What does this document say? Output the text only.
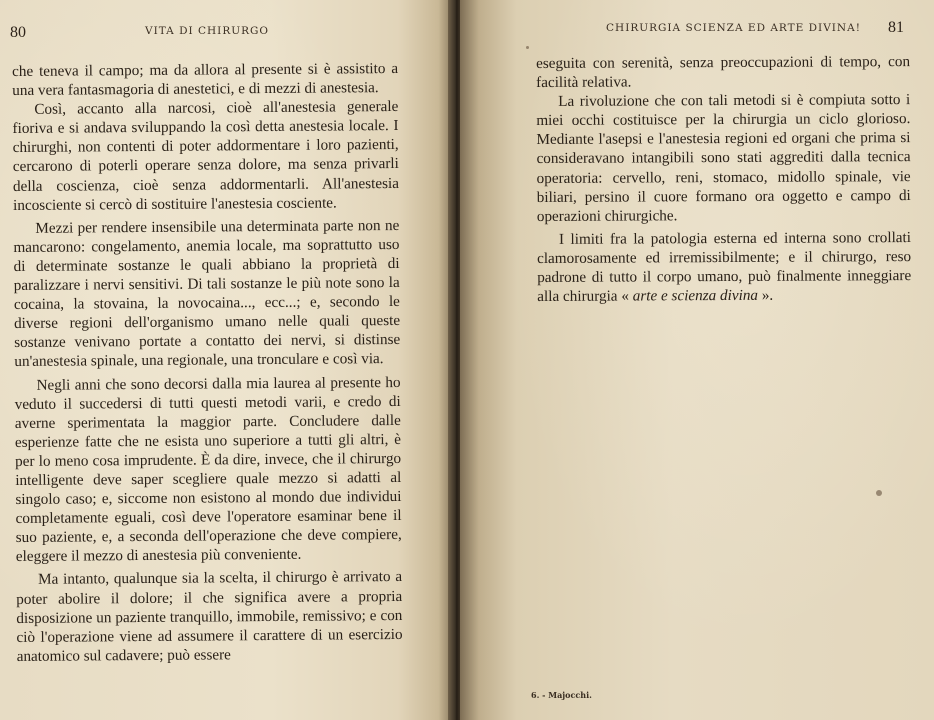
80	VITA DI CHIRURGO

che teneva il campo; ma da allora al presente si è assistito a una vera fantasmagoria di anestetici, e di mezzi di anestesia.

Così, accanto alla narcosi, cioè all'anestesia generale fioriva e si andava sviluppando la così detta anestesia locale. I chirurghi, non contenti di poter addormentare i loro pazienti, cercarono di poterli operare senza dolore, ma senza privarli della coscienza, cioè senza addormentarli. All'anestesia incosciente si cercò di sostituire l'anestesia cosciente.

Mezzi per rendere insensibile una determinata parte non ne mancarono: congelamento, anemia locale, ma soprattutto uso di determinate sostanze le quali abbiano la proprietà di paralizzare i nervi sensitivi. Di tali sostanze le più note sono la cocaina, la stovaina, la novocaina..., ecc...; e, secondo le diverse regioni dell'organismo umano nelle quali queste sostanze venivano portate a contatto dei nervi, si distinse un'anestesia spinale, una regionale, una tronculare e così via.

Negli anni che sono decorsi dalla mia laurea al presente ho veduto il succedersi di tutti questi metodi varii, e credo di averne sperimentata la maggior parte. Concludere dalle esperienze fatte che ne esista uno superiore a tutti gli altri, è per lo meno cosa imprudente. È da dire, invece, che il chirurgo intelligente deve saper scegliere quale mezzo si adatti al singolo caso; e, siccome non esistono al mondo due individui completamente eguali, così deve l'operatore esaminar bene il suo paziente, e, a seconda dell'operazione che deve compiere, eleggere il mezzo di anestesia più conveniente.

Ma intanto, qualunque sia la scelta, il chirurgo è arrivato a poter abolire il dolore; il che significa avere a propria disposizione un paziente tranquillo, immobile, remissivo; e con ciò l'operazione viene ad assumere il carattere di un esercizio anatomico sul cadavere; può essere

CHIRURGIA SCIENZA ED ARTE DIVINA! 81

eseguita con serenità, senza preoccupazioni di tempo, con facilità relativa.

La rivoluzione che con tali metodi si è compiuta sotto i miei occhi costituisce per la chirurgia un ciclo glorioso. Mediante l'asepsi e l'anestesia regioni ed organi che prima si consideravano intangibili sono stati aggrediti dalla tecnica operatoria: cervello, reni, stomaco, midollo spinale, vie biliari, persino il cuore formano ora oggetto e campo di operazioni chirurgiche.

I limiti fra la patologia esterna ed interna sono crollati clamorosamente ed irremissibilmente; e il chirurgo, reso padrone di tutto il corpo umano, può finalmente inneggiare alla chirurgia « arte e scienza divina ».

6. - Majocchi.
